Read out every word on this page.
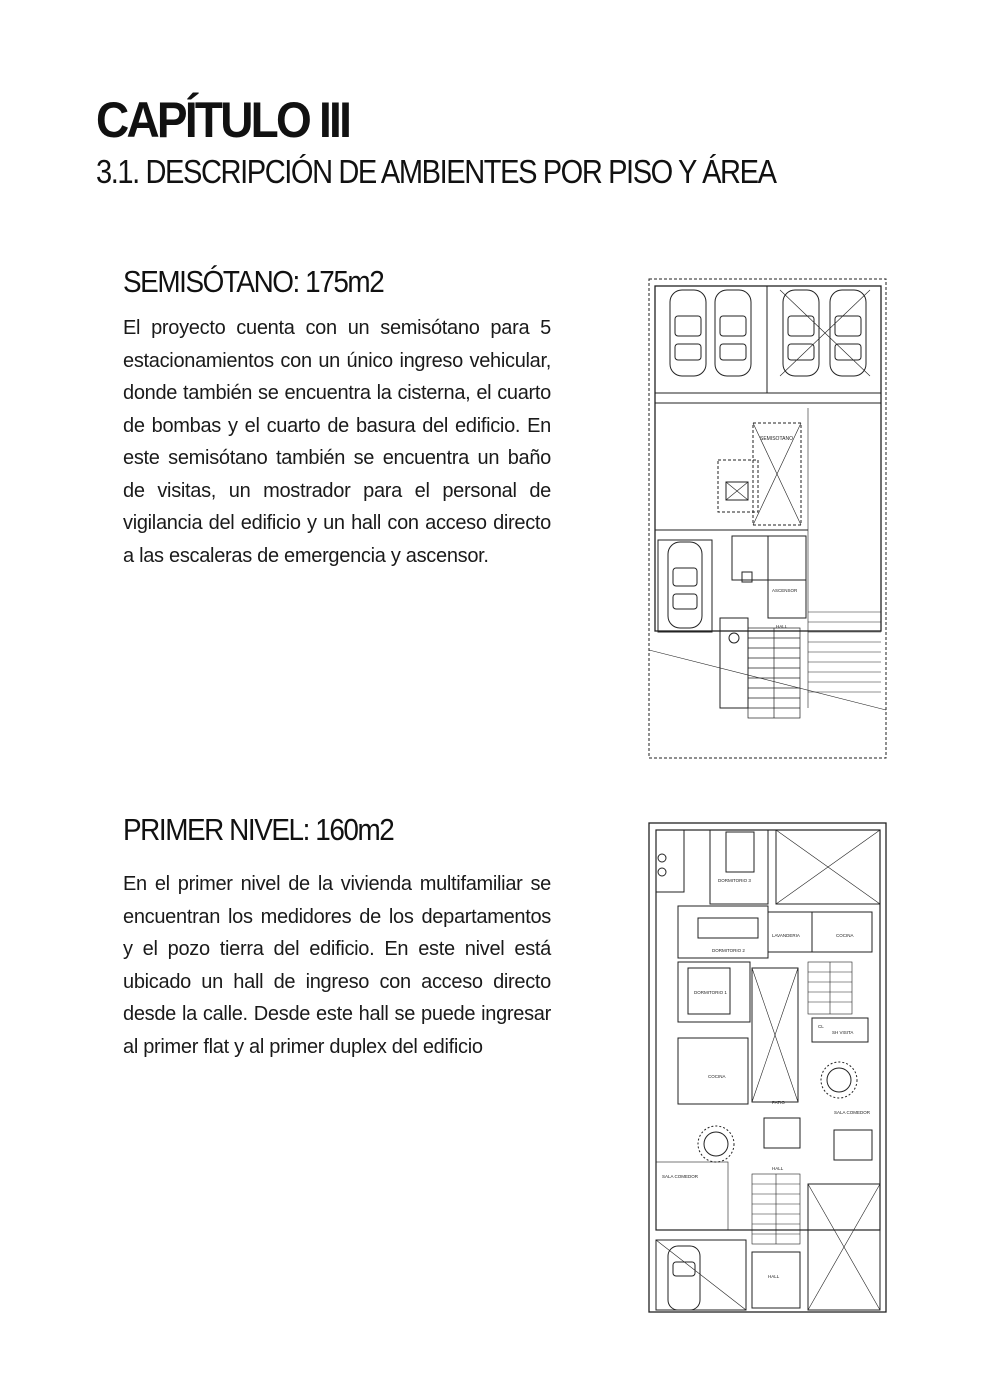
CAPÍTULO III
3.1. DESCRIPCIÓN DE AMBIENTES POR PISO Y ÁREA
SEMISÓTANO: 175m2

El proyecto cuenta con un semisótano para 5 estacionamientos con un único ingreso vehicular, donde también se encuentra la cisterna, el cuarto de bombas y el cuarto de basura del edificio. En este semisótano también se encuentra un baño de visitas, un mostrador para el personal de vigilancia del edificio y un hall con acceso directo a las escaleras de emergencia y ascensor.

PRIMER NIVEL: 160m2

En el primer nivel de la vivienda multifamiliar se encuentran los medidores de los departamentos y el pozo tierra del edificio. En este nivel está ubicado un hall de ingreso con acceso directo desde la calle. Desde este hall se puede ingresar al primer flat y al primer duplex del edificio

SEMISOTANO
ASCENSOR
HALL
DORMITORIO 3
LAVANDERIA	COCINA
DORMITORIO 2
DORMITORIO 1
CL
SH VISITA
COCINA
PATIO
SALA COMEDOR
SALA COMEDOR
HALL
HALL
